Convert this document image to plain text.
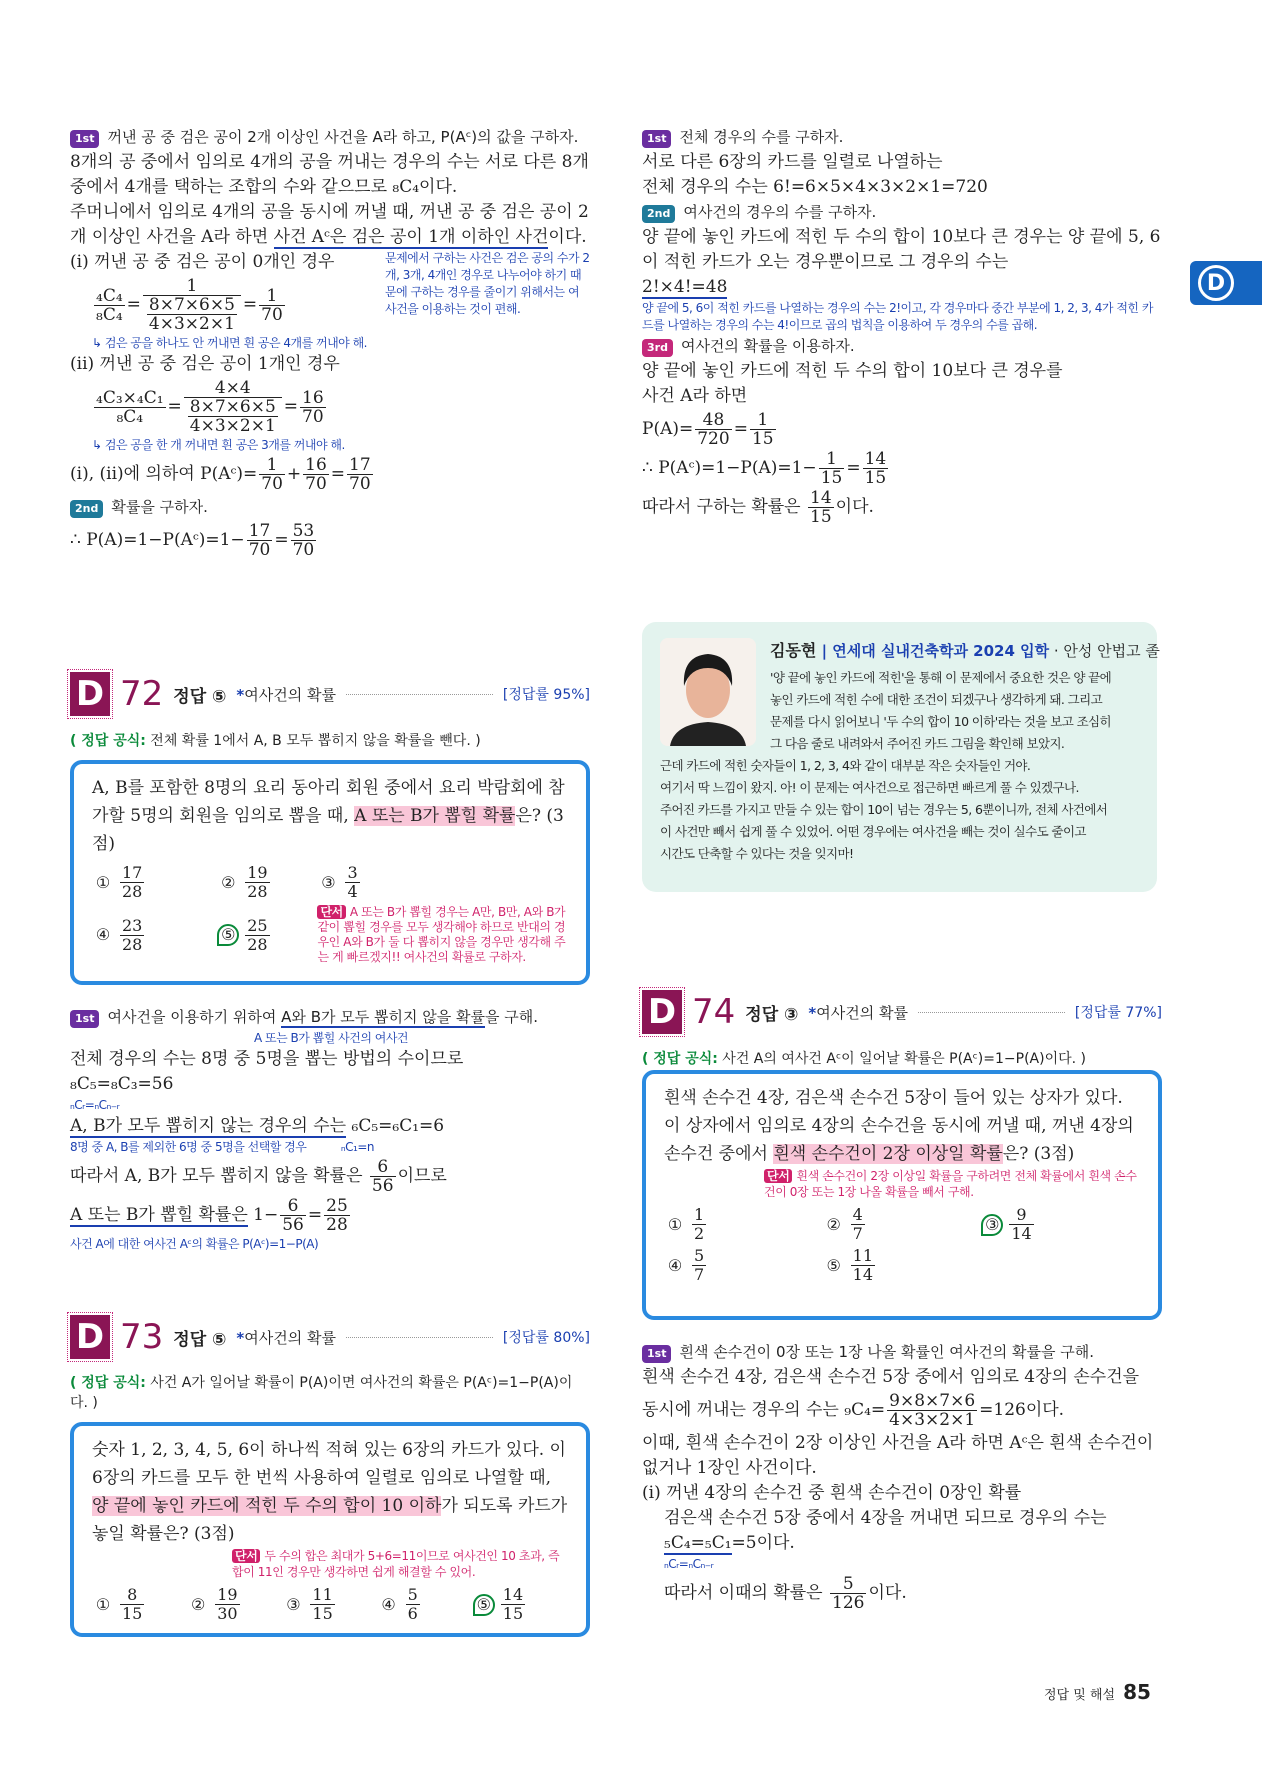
D
1st 꺼낸 공 중 검은 공이 2개 이상인 사건을 A라 하고, P(Aᶜ)의 값을 구하자.
8개의 공 중에서 임의로 4개의 공을 꺼내는 경우의 수는 서로 다른 8개 중에서 4개를 택하는 조합의 수와 같으므로 ₈C₄이다.
주머니에서 임의로 4개의 공을 동시에 꺼낼 때, 꺼낸 공 중 검은 공이 2개 이상인 사건을 A라 하면 사건 Aᶜ은 검은 공이 1개 이하인 사건이다.
(i) 꺼낸 공 중 검은 공이 0개인 경우	문제에서 구하는 사건은 검은 공의 수가 2개, 3개, 4개인 경우로 나누어야 하기 때문에 구하는 경우를 줄이기 위해서는 여사건을 이용하는 것이 편해.
$\frac{\text{₄C₄}}{\text{₈C₄}} = \frac{1}{\frac{8\times 7\times 6\times 5}{4\times 3\times 2\times 1}} = \frac{1}{70}$
↳ 검은 공을 하나도 안 꺼내면 흰 공은 4개를 꺼내야 해.
(ii) 꺼낸 공 중 검은 공이 1개인 경우
$\frac{\text{₄C₃×₄C₁}}{\text{₈C₄}} = \frac{4\times 4}{\frac{8\times 7\times 6\times 5}{4\times 3\times 2\times 1}} = \frac{16}{70}$
↳ 검은 공을 한 개 꺼내면 흰 공은 3개를 꺼내야 해.
(i), (ii)에 의하여 P(Aᶜ)= $\frac{1}{70} + \frac{16}{70} = \frac{17}{70}$
2nd 확률을 구하자.
∴ P(A)=1−P(Aᶜ)=1− $\frac{17}{70} = \frac{53}{70}$
D 72 정답 ⑤ *여사건의 확률	[정답률 95%]
( 정답 공식: 전체 확률 1에서 A, B 모두 뽑히지 않을 확률을 뺀다. )
A, B를 포함한 8명의 요리 동아리 회원 중에서 요리 박람회에 참가할 5명의 회원을 임의로 뽑을 때, A 또는 B가 뽑힐 확률은? (3점)
① $\frac{17}{28}$	② $\frac{19}{28}$	③ $\frac{3}{4}$
④ $\frac{23}{28}$	⑤ $\frac{25}{28}$
단서 A 또는 B가 뽑힐 경우는 A만, B만, A와 B가 같이 뽑힐 경우를 모두 생각해야 하므로 반대의 경우인 A와 B가 둘 다 뽑히지 않을 경우만 생각해 주는 게 빠르겠지!! 여사건의 확률로 구하자.
1st 여사건을 이용하기 위하여 A와 B가 모두 뽑히지 않을 확률을 구해.
　　　　　　　　　　　　　　　　A 또는 B가 뽑힐 사건의 여사건
전체 경우의 수는 8명 중 5명을 뽑는 방법의 수이므로
₈C₅=₈C₃=56
ₙCᵣ=ₙCₙ₋ᵣ
A, B가 모두 뽑히지 않는 경우의 수는 ₆C₅=₆C₁=6
8명 중 A, B를 제외한 6명 중 5명을 선택할 경우　　　ₙC₁=n
따라서 A, B가 모두 뽑히지 않을 확률은 $\frac{6}{56}$ 이므로
A 또는 B가 뽑힐 확률은 $1- \frac{6}{56} = \frac{25}{28}$
사건 A에 대한 여사건 Aᶜ의 확률은 P(Aᶜ)=1−P(A)
D 73 정답 ⑤ *여사건의 확률	[정답률 80%]
( 정답 공식: 사건 A가 일어날 확률이 P(A)이면 여사건의 확률은 P(Aᶜ)=1−P(A)이다. )
숫자 1, 2, 3, 4, 5, 6이 하나씩 적혀 있는 6장의 카드가 있다. 이 6장의 카드를 모두 한 번씩 사용하여 일렬로 임의로 나열할 때, 양 끝에 놓인 카드에 적힌 두 수의 합이 10 이하가 되도록 카드가 놓일 확률은? (3점)
단서 두 수의 합은 최대가 5+6=11이므로 여사건인 10 초과, 즉 합이 11인 경우만 생각하면 쉽게 해결할 수 있어.
① $\frac{8}{15}$	② $\frac{19}{30}$	③ $\frac{11}{15}$	④ $\frac{5}{6}$	⑤ $\frac{14}{15}$
1st 전체 경우의 수를 구하자.
서로 다른 6장의 카드를 일렬로 나열하는
전체 경우의 수는 6!=6×5×4×3×2×1=720
2nd 여사건의 경우의 수를 구하자.
양 끝에 놓인 카드에 적힌 두 수의 합이 10보다 큰 경우는 양 끝에 5, 6이 적힌 카드가 오는 경우뿐이므로 그 경우의 수는
2!×4!=48
양 끝에 5, 6이 적힌 카드를 나열하는 경우의 수는 2!이고, 각 경우마다 중간 부분에 1, 2, 3, 4가 적힌 카드를 나열하는 경우의 수는 4!이므로 곱의 법칙을 이용하여 두 경우의 수를 곱해.
3rd 여사건의 확률을 이용하자.
양 끝에 놓인 카드에 적힌 두 수의 합이 10보다 큰 경우를
사건 A라 하면
$P(A)= \frac{48}{720} = \frac{1}{15}$
∴ P(Aᶜ)=1−P(A)=1− $\frac{1}{15} = \frac{14}{15}$
따라서 구하는 확률은 $\frac{14}{15}$ 이다.
김동현 | 연세대 실내건축학과 2024 입학 · 안성 안법고 졸
'양 끝에 놓인 카드에 적힌'을 통해 이 문제에서 중요한 것은 양 끝에
놓인 카드에 적힌 수에 대한 조건이 되겠구나 생각하게 돼. 그리고
문제를 다시 읽어보니 '두 수의 합이 10 이하'라는 것을 보고 조심히
그 다음 줄로 내려와서 주어진 카드 그림을 확인해 보았지.
근데 카드에 적힌 숫자들이 1, 2, 3, 4와 같이 대부분 작은 숫자들인 거야.
여기서 딱 느낌이 왔지. 아! 이 문제는 여사건으로 접근하면 빠르게 풀 수 있겠구나.
주어진 카드를 가지고 만들 수 있는 합이 10이 넘는 경우는 5, 6뿐이니까, 전체 사건에서
이 사건만 빼서 쉽게 풀 수 있었어. 어떤 경우에는 여사건을 빼는 것이 실수도 줄이고
시간도 단축할 수 있다는 것을 잊지마!
D 74 정답 ③ *여사건의 확률	[정답률 77%]
( 정답 공식: 사건 A의 여사건 Aᶜ이 일어날 확률은 P(Aᶜ)=1−P(A)이다. )
흰색 손수건 4장, 검은색 손수건 5장이 들어 있는 상자가 있다. 이 상자에서 임의로 4장의 손수건을 동시에 꺼낼 때, 꺼낸 4장의 손수건 중에서 흰색 손수건이 2장 이상일 확률은? (3점)
단서 흰색 손수건이 2장 이상일 확률을 구하려면 전체 확률에서 흰색 손수건이 0장 또는 1장 나올 확률을 빼서 구해.
① $\frac{1}{2}$	② $\frac{4}{7}$	③ $\frac{9}{14}$
④ $\frac{5}{7}$	⑤ $\frac{11}{14}$
1st 흰색 손수건이 0장 또는 1장 나올 확률인 여사건의 확률을 구해.
흰색 손수건 4장, 검은색 손수건 5장 중에서 임의로 4장의 손수건을
동시에 꺼내는 경우의 수는 $_9C_4= \frac{9\times 8\times 7\times 6}{4\times 3\times 2\times 1} =126$이다.
이때, 흰색 손수건이 2장 이상인 사건을 A라 하면 Aᶜ은 흰색 손수건이 없거나 1장인 사건이다.
(i) 꺼낸 4장의 손수건 중 흰색 손수건이 0장인 확률
검은색 손수건 5장 중에서 4장을 꺼내면 되므로 경우의 수는
₅C₄=₅C₁=5이다.
ₙCᵣ=ₙCₙ₋ᵣ
따라서 이때의 확률은 $\frac{5}{126}$ 이다.
정답 및 해설 85
